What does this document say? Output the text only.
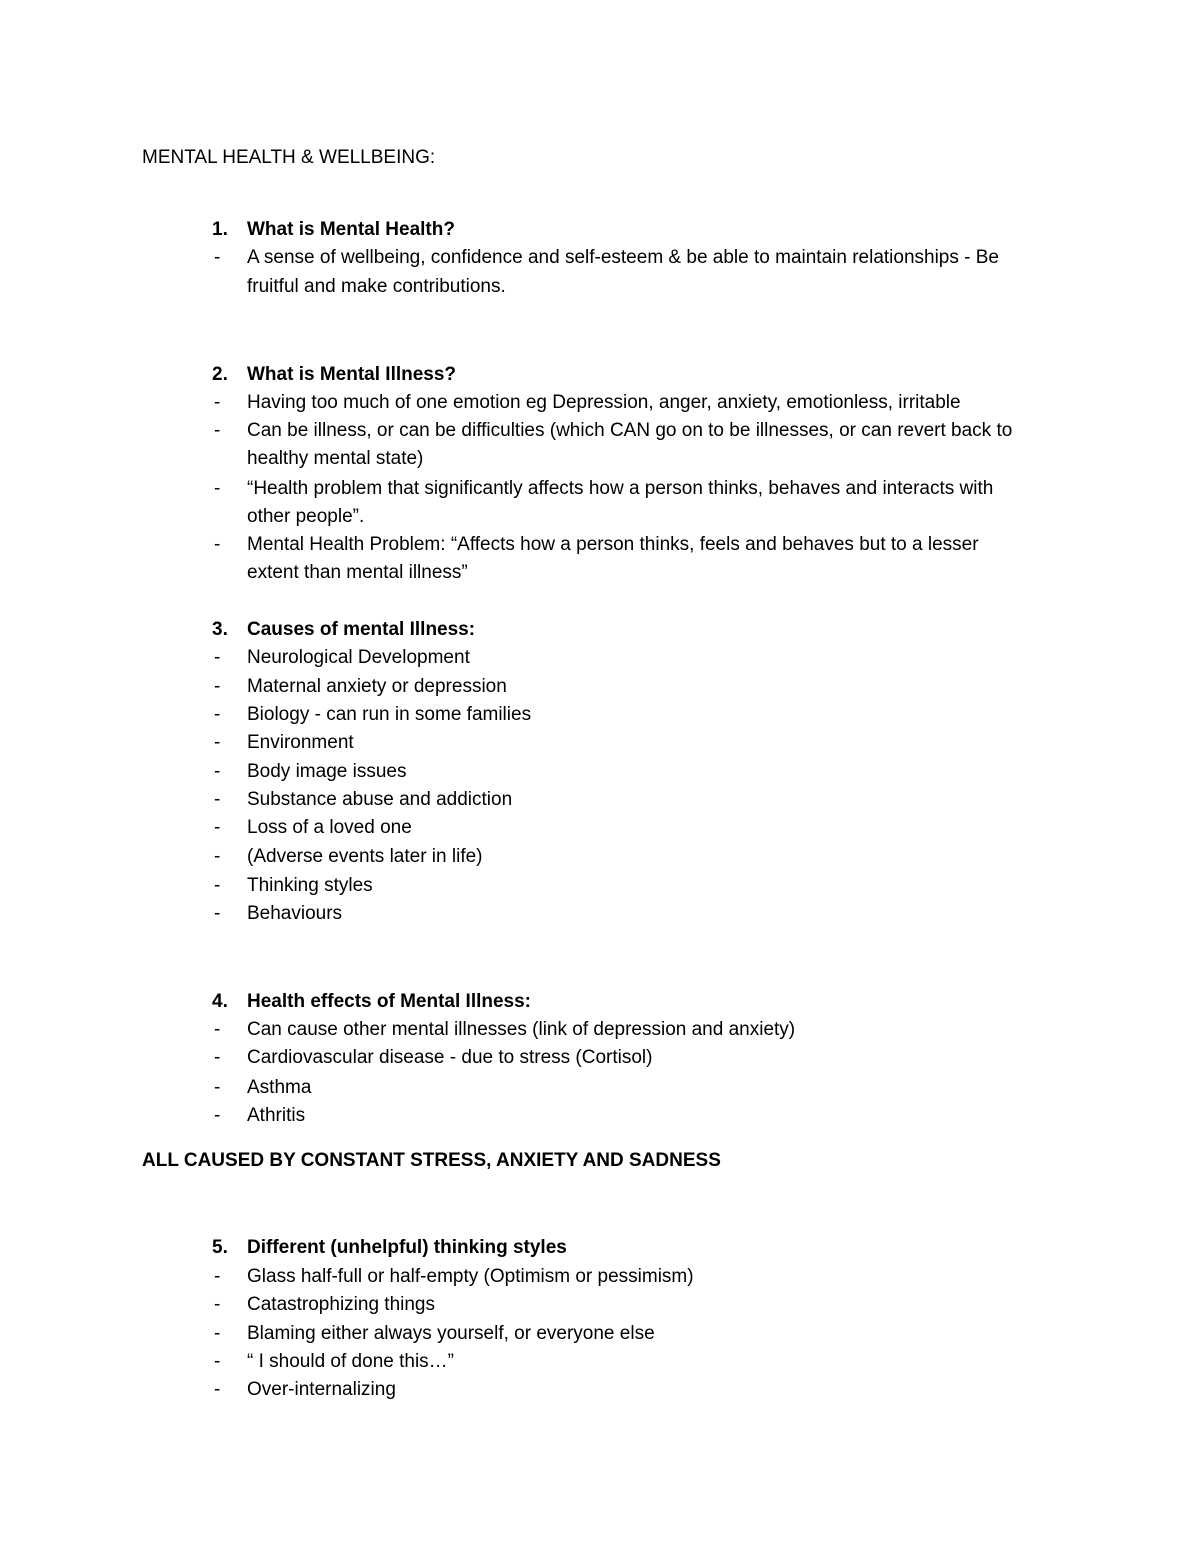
MENTAL HEALTH & WELLBEING:
1. What is Mental Health?
- A sense of wellbeing, confidence and self-esteem & be able to maintain relationships - Be
fruitful and make contributions.
2. What is Mental Illness?
- Having too much of one emotion eg Depression, anger, anxiety, emotionless, irritable
- Can be illness, or can be difficulties (which CAN go on to be illnesses, or can revert back to
healthy mental state)
- “Health problem that significantly affects how a person thinks, behaves and interacts with
other people”.
- Mental Health Problem: “Affects how a person thinks, feels and behaves but to a lesser
extent than mental illness”
3. Causes of mental Illness:
- Neurological Development
- Maternal anxiety or depression
- Biology - can run in some families
- Environment
- Body image issues
- Substance abuse and addiction
- Loss of a loved one
- (Adverse events later in life)
- Thinking styles
- Behaviours
4. Health effects of Mental Illness:
- Can cause other mental illnesses (link of depression and anxiety)
- Cardiovascular disease - due to stress (Cortisol)
- Asthma
- Athritis
ALL CAUSED BY CONSTANT STRESS, ANXIETY AND SADNESS
5. Different (unhelpful) thinking styles
- Glass half-full or half-empty (Optimism or pessimism)
- Catastrophizing things
- Blaming either always yourself, or everyone else
- “ I should of done this…”
- Over-internalizing
